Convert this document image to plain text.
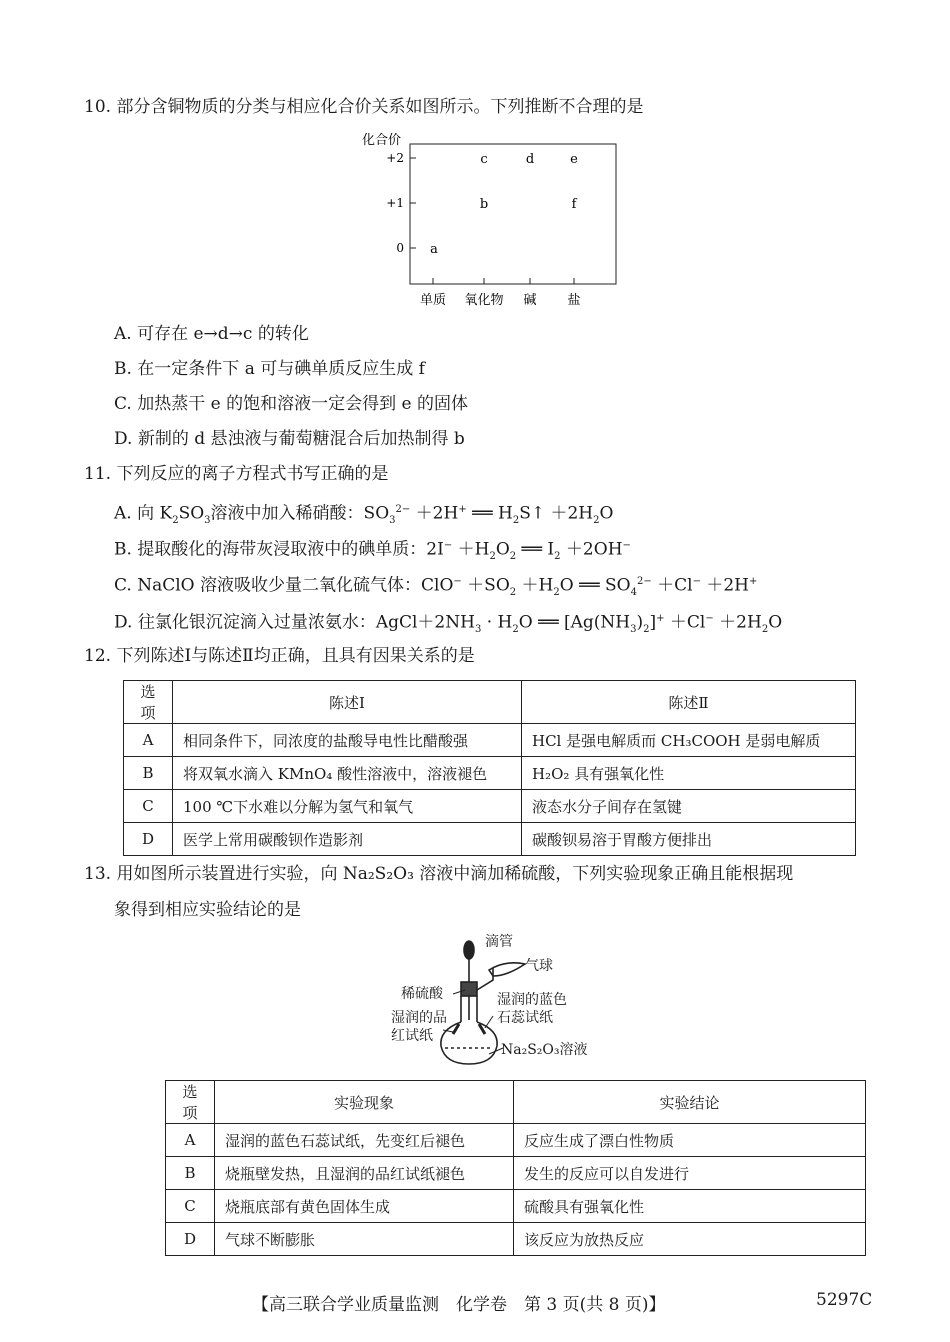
10. 部分含铜物质的分类与相应化合价关系如图所示。下列推断不合理的是
化合价
+2
+1
0
单质 氧化物 碱 盐
a
b
c	d	e
f
A. 可存在 e→d→c 的转化
B. 在一定条件下 a 可与碘单质反应生成 f
C. 加热蒸干 e 的饱和溶液一定会得到 e 的固体
D. 新制的 d 悬浊液与葡萄糖混合后加热制得 b
11. 下列反应的离子方程式书写正确的是
A. 向 $K_2SO_3$溶液中加入稀硝酸：$SO_3^{2-} +2H^+$ ══ $H_2S↑ +2H_2O$
B. 提取酸化的海带灰浸取液中的碘单质：$2I^- +H_2O_2$ ══ $I_2 +2OH^-$
C. NaClO 溶液吸收少量二氧化硫气体：$ClO^- +SO_2 +H_2O$ ══ $SO_4^{2-} +Cl^- +2H^+$
D. 往氯化银沉淀滴入过量浓氨水：$AgCl+2NH_3 \cdot H_2O$ ══ $[Ag(NH_3)_2]^+ +Cl^- +2H_2O$
12. 下列陈述Ⅰ与陈述Ⅱ均正确，且具有因果关系的是
选项	陈述Ⅰ	陈述Ⅱ
A	相同条件下，同浓度的盐酸导电性比醋酸强	HCl 是强电解质而 CH₃COOH 是弱电解质
B	将双氧水滴入 KMnO₄ 酸性溶液中，溶液褪色	H₂O₂ 具有强氧化性
C	100 ℃下水难以分解为氢气和氧气	液态水分子间存在氢键
D	医学上常用碳酸钡作造影剂	碳酸钡易溶于胃酸方便排出
13. 用如图所示装置进行实验，向 Na₂S₂O₃ 溶液中滴加稀硫酸，下列实验现象正确且能根据现
象得到相应实验结论的是
滴管
气球
稀硫酸	湿润的蓝色
石蕊试纸
湿润的品
红试纸
Na₂S₂O₃溶液
选项	实验现象	实验结论
A	湿润的蓝色石蕊试纸，先变红后褪色	反应生成了漂白性物质
B	烧瓶壁发热，且湿润的品红试纸褪色	发生的反应可以自发进行
C	烧瓶底部有黄色固体生成	硫酸具有强氧化性
D	气球不断膨胀	该反应为放热反应
【高三联合学业质量监测　化学卷　第 3 页(共 8 页)】	5297C
